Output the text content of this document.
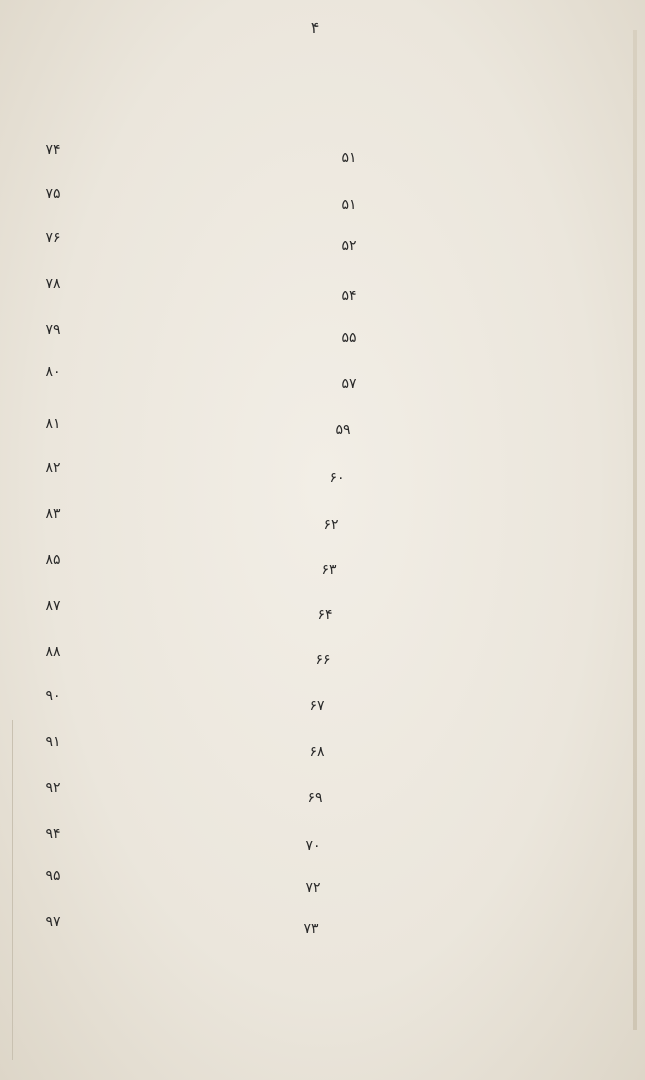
۴
۵۱
۵۱
۵۲
۵۴
۵۵
۵۷
۵۹
۶۰
۶۲
۶۳
۶۴
۶۶
۶۷
۶۸
۶۹
۷۰
۷۲
۷۳
۷۴
۷۵
۷۶
۷۸
۷۹
۸۰
۸۱
۸۲
۸۳
۸۵
۸۷
۸۸
۹۰
۹۱
۹۲
۹۴
۹۵
۹۷
